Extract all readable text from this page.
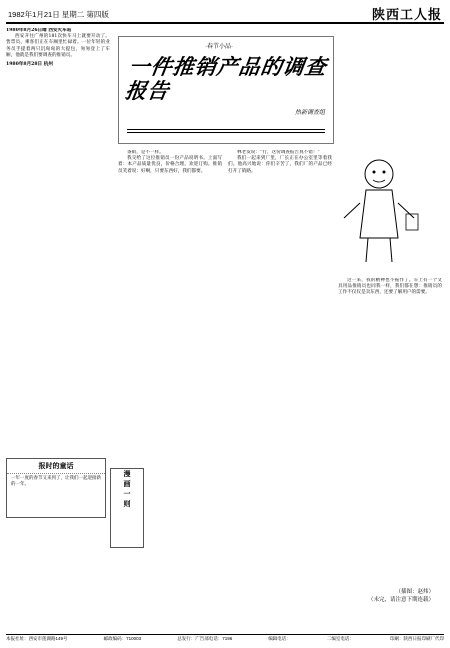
1982年1月21日 星期二 第四版	陕西工人报

1980年8月26日晴 西安火车站

西安开往广州的181次快车马上就要开动了。售票员、乘客们正在车厢里忙碌着。一位年轻的业务员手提着两只沉甸甸的大提包，匆匆登上了车厢，他就是我们要调查的推销员。

1980年8月28日 杭州

·春节小品·
一件推销产品的调查报告
热新调查组

条街，是不一样。

我交给了这位推销员一份产品说明书。上面写着：本产品质量优良，价格合理，欢迎订购。推销员笑着说：好啊，只要东西好，我们都要。

林老发说：“行，这份调查报告真不错！”

我们一起来到厂里，厂长正在办公室里等着我们。他高兴地说：你们辛苦了，我们厂的产品已经打开了销路。

这一来，我的精神也不振作了。车上有一个文具用品推销员也同我一样，我们都在想：推销员的工作不仅仅是卖东西，还要了解用户的需要。

报时的童话
一年一度的春节又来到了，让我们一起迎接新的一年。
漫
画
一
则
（插图：赵炜）
（未完，请注意下期连载）
本报社址：西安市莲湖路149号	邮政编码：710003	总发行：广告部电话：7196	编辑电话：	二编室电话：	印刷：陕西日报印刷厂代印
